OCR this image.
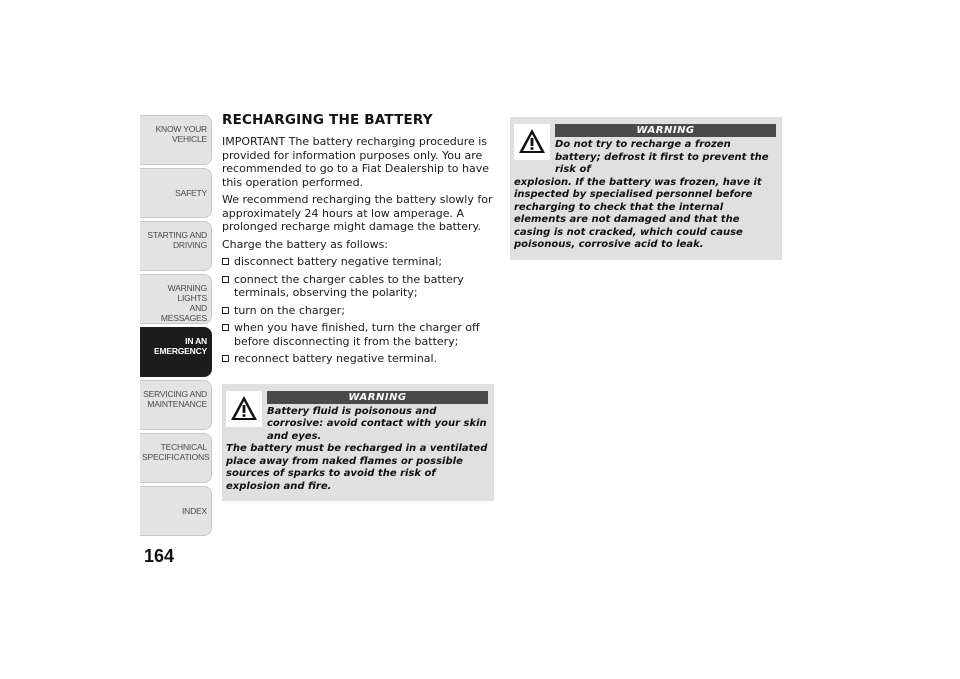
KNOW YOUR
VEHICLE
SAFETY
STARTING AND
DRIVING
WARNING LIGHTS
AND MESSAGES
IN AN
EMERGENCY
SERVICING AND
MAINTENANCE
TECHNICAL
SPECIFICATIONS
INDEX
164
RECHARGING THE BATTERY

IMPORTANT The battery recharging procedure is provided for information purposes only. You are recommended to go to a Fiat Dealership to have this operation performed.

We recommend recharging the battery slowly for approximately 24 hours at low amperage. A prolonged recharge might damage the battery.

Charge the battery as follows:

disconnect battery negative terminal;
connect the charger cables to the battery terminals, observing the polarity;
turn on the charger;
when you have finished, turn the charger off before disconnecting it from the battery;
reconnect battery negative terminal.
WARNING
Battery fluid is poisonous and corrosive: avoid contact with your skin and eyes.
The battery must be recharged in a ventilated place away from naked flames or possible sources of sparks to avoid the risk of explosion and fire.
WARNING
Do not try to recharge a frozen battery; defrost it first to prevent the risk of
explosion. If the battery was frozen, have it inspected by specialised personnel before recharging to check that the internal elements are not damaged and that the casing is not cracked, which could cause poisonous, corrosive acid to leak.
